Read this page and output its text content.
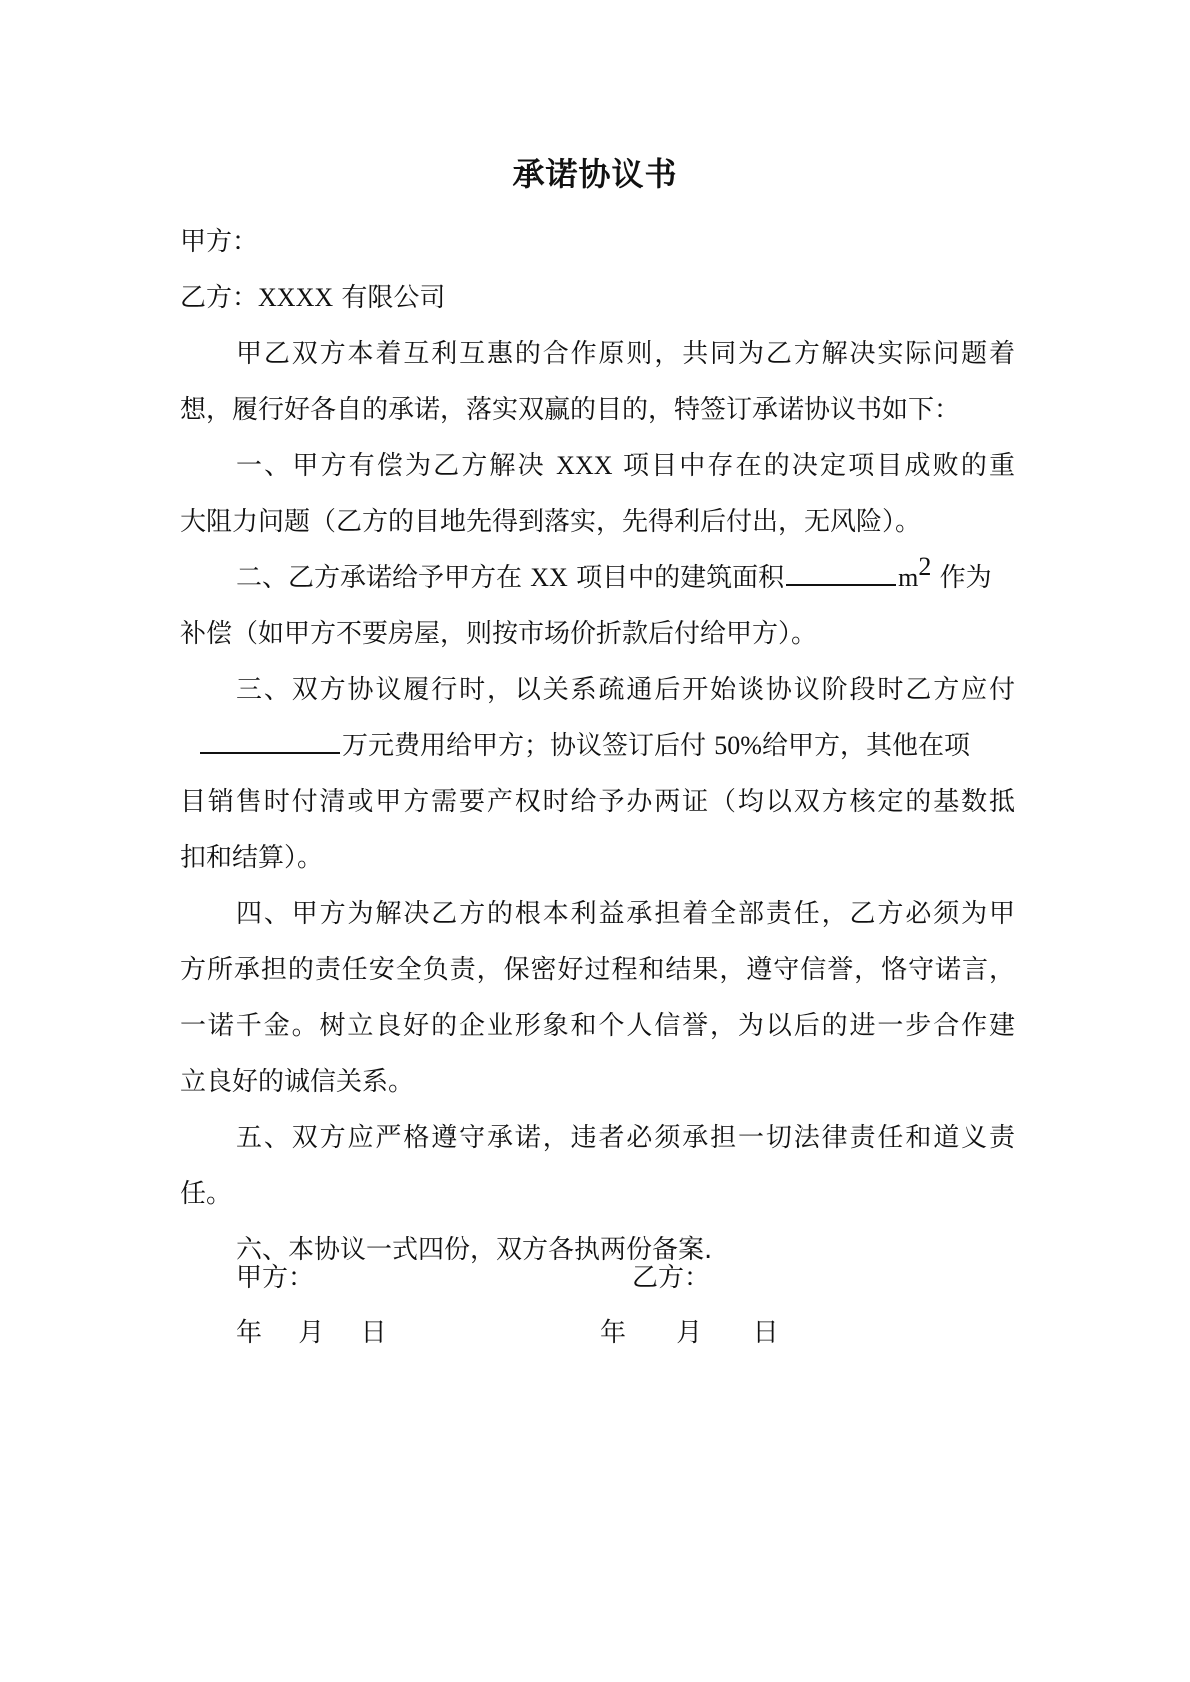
承诺协议书
甲方：
乙方：XXXX 有限公司
甲乙双方本着互利互惠的合作原则，共同为乙方解决实际问题着
想，履行好各自的承诺，落实双赢的目的，特签订承诺协议书如下：
一、甲方有偿为乙方解决 XXX 项目中存在的决定项目成败的重
大阻力问题（乙方的目地先得到落实，先得利后付出，无风险）。
二、乙方承诺给予甲方在 XX 项目中的建筑面积	$m^2$ 作为
补偿（如甲方不要房屋，则按市场价折款后付给甲方）。
三、双方协议履行时，以关系疏通后开始谈协议阶段时乙方应付
万元费用给甲方；协议签订后付 50%给甲方，其他在项
目销售时付清或甲方需要产权时给予办两证（均以双方核定的基数抵
扣和结算）。
四、甲方为解决乙方的根本利益承担着全部责任，乙方必须为甲
方所承担的责任安全负责，保密好过程和结果，遵守信誉，恪守诺言，
一诺千金。树立良好的企业形象和个人信誉，为以后的进一步合作建
立良好的诚信关系。
五、双方应严格遵守承诺，违者必须承担一切法律责任和道义责
任。
六、本协议一式四份，双方各执两份备案.
甲方：	乙方：
年 月 日	年 月 日
